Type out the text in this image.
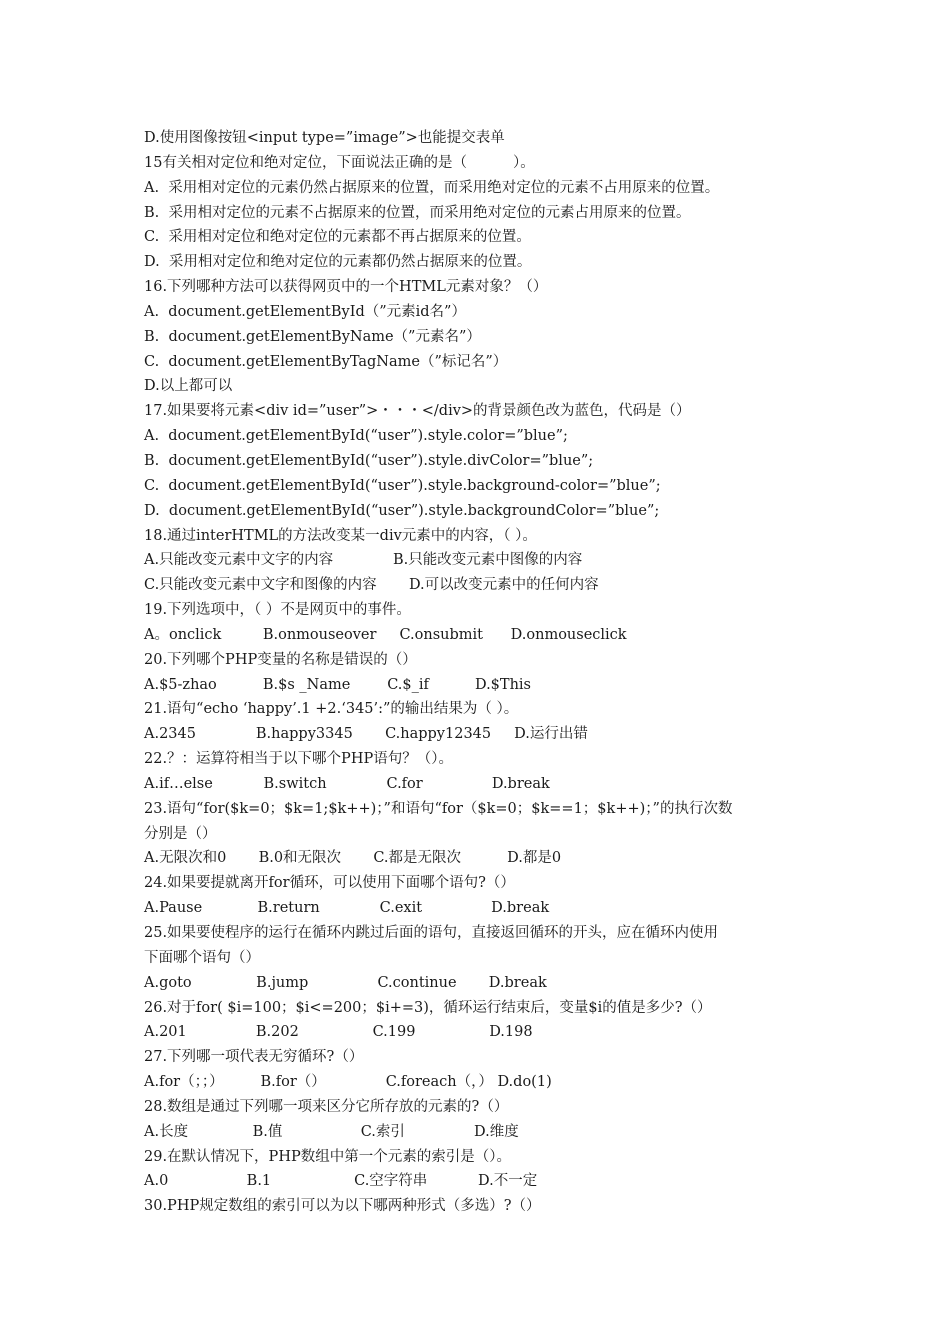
D.使用图像按钮<input type=”image”>也能提交表单
15有关相对定位和绝对定位，下面说法正确的是（          ）。
A.  采用相对定位的元素仍然占据原来的位置，而采用绝对定位的元素不占用原来的位置。
B.  采用相对定位的元素不占据原来的位置，而采用绝对定位的元素占用原来的位置。
C.  采用相对定位和绝对定位的元素都不再占据原来的位置。
D.  采用相对定位和绝对定位的元素都仍然占据原来的位置。
16.下列哪种方法可以获得网页中的一个HTML元素对象？（）
A.  document.getElementById（”元素id名”）
B.  document.getElementByName（”元素名”）
C.  document.getElementByTagName（”标记名”）
D.以上都可以
17.如果要将元素<div id=”user”>・・・</div>的背景颜色改为蓝色，代码是（）
A.  document.getElementById(“user”).style.color=”blue”;
B.  document.getElementById(“user”).style.divColor=”blue”;
C.  document.getElementById(“user”).style.background-color=”blue”;
D.  document.getElementById(“user”).style.backgroundColor=”blue”;
18.通过interHTML的方法改变某一div元素中的内容，（ ）。
A.只能改变元素中文字的内容             B.只能改变元素中图像的内容
C.只能改变元素中文字和图像的内容       D.可以改变元素中的任何内容
19.下列选项中，（ ）不是网页中的事件。
A。onclick         B.onmouseover     C.onsubmit      D.onmouseclick
20.下列哪个PHP变量的名称是错误的（）
A.$5-zhao          B.$s _Name        C.$_if          D.$This
21.语句“echo ‘happy’.1 +2.‘345’:”的输出结果为（ ）。
A.2345             B.happy3345       C.happy12345     D.运行出错
22.？：运算符相当于以下哪个PHP语句？（）。
A.if…else           B.switch             C.for               D.break
23.语句“for($k=0；$k=1;$k++)；”和语句“for（$k=0；$k==1；$k++)；”的执行次数
分别是（）
A.无限次和0       B.0和无限次       C.都是无限次          D.都是0
24.如果要提就离开for循环，可以使用下面哪个语句?（）
A.Pause            B.return             C.exit               D.break
25.如果要使程序的运行在循环内跳过后面的语句，直接返回循环的开头，应在循环内使用
下面哪个语句（）
A.goto              B.jump               C.continue       D.break
26.对于for( $i=100；$i<=200；$i+=3)，循环运行结束后，变量$i的值是多少?（）
A.201               B.202                C.199                D.198
27.下列哪一项代表无穷循环?（）
A.for（；；）        B.for（）             C.foreach（，） D.do(1)
28.数组是通过下列哪一项来区分它所存放的元素的?（）
A.长度              B.值                 C.索引               D.维度
29.在默认情况下，PHP数组中第一个元素的索引是（）。
A.0                 B.1                  C.空字符串           D.不一定
30.PHP规定数组的索引可以为以下哪两种形式（多选）?（）
